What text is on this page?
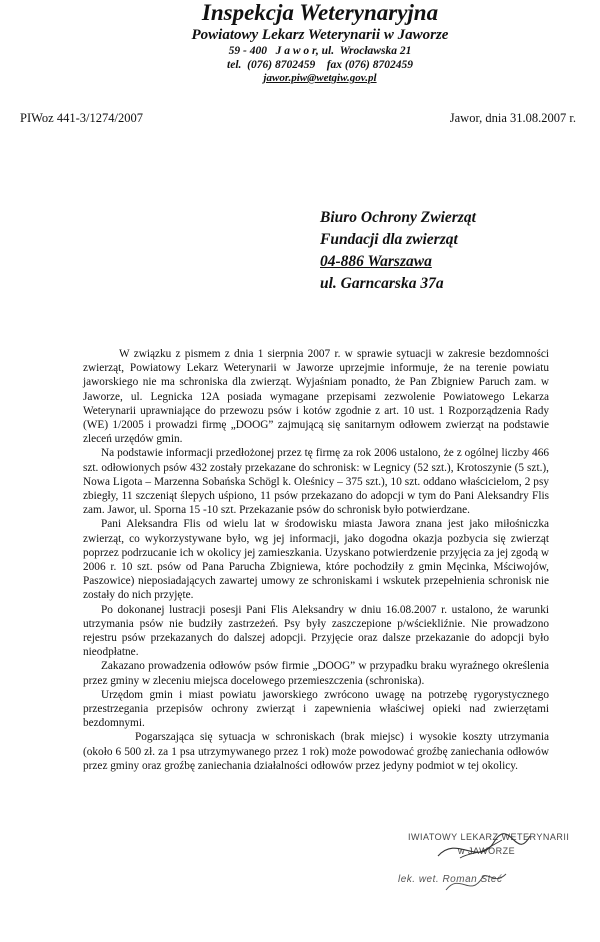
Inspekcja Weterynaryjna
Powiatowy Lekarz Weterynarii w Jaworze
59 - 400   J a w o r, ul.  Wrocławska 21
tel.  (076) 8702459    fax (076) 8702459
jawor.piw@wetgiw.gov.pl
PIWoz 441-3/1274/2007	Jawor, dnia 31.08.2007 r.
Biuro Ochrony Zwierząt
Fundacji dla zwierząt
04-886 Warszawa
ul. Garncarska 37a

W związku z pismem z dnia 1 sierpnia 2007 r. w sprawie sytuacji w zakresie bezdomności zwierząt, Powiatowy Lekarz Weterynarii w Jaworze uprzejmie informuje, że na terenie powiatu jaworskiego nie ma schroniska dla zwierząt. Wyjaśniam ponadto, że Pan Zbigniew Paruch zam. w Jaworze, ul. Legnicka 12A posiada wymagane przepisami zezwolenie Powiatowego Lekarza Weterynarii uprawniające do przewozu psów i kotów zgodnie z art. 10 ust. 1 Rozporządzenia Rady (WE) 1/2005 i prowadzi firmę „DOOG” zajmującą się sanitarnym odłowem zwierząt na podstawie zleceń urzędów gmin.

Na podstawie informacji przedłożonej przez tę firmę za rok 2006 ustalono, że z ogólnej liczby 466 szt. odłowionych psów 432 zostały przekazane do schronisk: w Legnicy (52 szt.), Krotoszynie (5 szt.), Nowa Ligota – Marzenna Sobańska Schögl k. Oleśnicy – 375 szt.), 10 szt. oddano właścicielom, 2 psy zbiegły, 11 szczeniąt ślepych uśpiono, 11 psów przekazano do adopcji w tym do Pani Aleksandry Flis zam. Jawor, ul. Sporna 15 -10 szt. Przekazanie psów do schronisk było potwierdzane.

Pani Aleksandra Flis od wielu lat w środowisku miasta Jawora znana jest jako miłośniczka zwierząt, co wykorzystywane było, wg jej informacji, jako dogodna okazja pozbycia się zwierząt poprzez podrzucanie ich w okolicy jej zamieszkania. Uzyskano potwierdzenie przyjęcia za jej zgodą w 2006 r. 10 szt. psów od Pana Parucha Zbigniewa, które pochodziły z gmin Męcinka, Mściwojów, Paszowice) nieposiadających zawartej umowy ze schroniskami i wskutek przepełnienia schronisk nie zostały do nich przyjęte.

Po dokonanej lustracji posesji Pani Flis Aleksandry w dniu 16.08.2007 r. ustalono, że warunki utrzymania psów nie budziły zastrzeżeń. Psy były zaszczepione p/wściekliźnie. Nie prowadzono rejestru psów przekazanych do dalszej adopcji. Przyjęcie oraz dalsze przekazanie do adopcji było nieodpłatne.

Zakazano prowadzenia odłowów psów firmie „DOOG” w przypadku braku wyraźnego określenia przez gminy w zleceniu miejsca docelowego przemieszczenia (schroniska).

Urzędom gmin i miast powiatu jaworskiego zwrócono uwagę na potrzebę rygorystycznego przestrzegania przepisów ochrony zwierząt i zapewnienia właściwej opieki nad zwierzętami bezdomnymi.

Pogarszająca się sytuacja w schroniskach (brak miejsc) i wysokie koszty utrzymania (około 6 500 zł. za 1 psa utrzymywanego przez 1 rok) może powodować groźbę zaniechania odłowów przez gminy oraz groźbę zaniechania działalności odłowów przez jedyny podmiot w tej okolicy.

IWIATOWY LEKARZ WETERYNARII
w JAWORZE
lek. wet. Roman Steć
